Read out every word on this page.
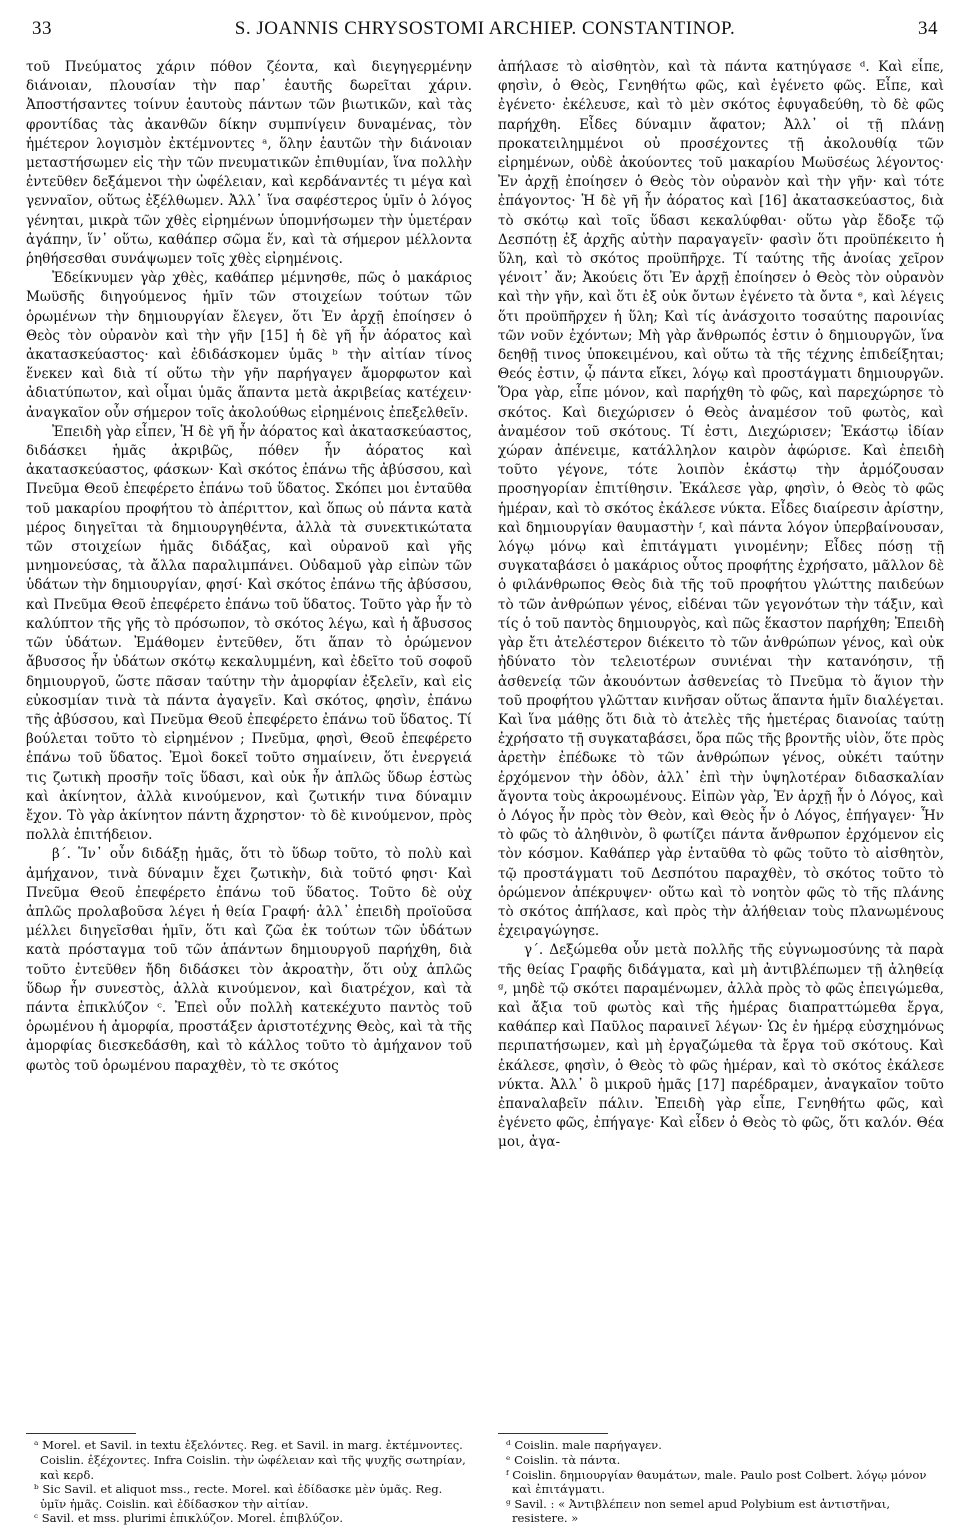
33	S. JOANNIS CHRYSOSTOMI ARCHIEP. CONSTANTINOP.	34

τοῦ Πνεύματος χάριν πόθον ζέοντα, καὶ διεγηγερμένην διάνοιαν, πλουσίαν τὴν παρ᾽ ἑαυτῆς δωρεῖται χάριν. Ἀποστήσαντες τοίνυν ἑαυτοὺς πάντων τῶν βιωτικῶν, καὶ τὰς φροντίδας τὰς ἀκανθῶν δίκην συμπνίγειν δυναμένας, τὸν ἡμέτερον λογισμὸν ἐκτέμνοντες ᵃ, ὅλην ἑαυτῶν τὴν διάνοιαν μεταστήσωμεν εἰς τὴν τῶν πνευματικῶν ἐπιθυμίαν, ἵνα πολλὴν ἐντεῦθεν δεξάμενοι τὴν ὠφέλειαν, καὶ κερδάναντές τι μέγα καὶ γενναῖον, οὕτως ἐξέλθωμεν. Ἀλλ᾽ ἵνα σαφέστερος ὑμῖν ὁ λόγος γένηται, μικρὰ τῶν χθὲς εἰρημένων ὑπομνήσωμεν τὴν ὑμετέραν ἀγάπην, ἵν᾽ οὕτω, καθάπερ σῶμα ἕν, καὶ τὰ σήμερον μέλλοντα ῥηθήσεσθαι συνάψωμεν τοῖς χθὲς εἰρημένοις.

Ἐδείκνυμεν γὰρ χθὲς, καθάπερ μέμνησθε, πῶς ὁ μακάριος Μωϋσῆς διηγούμενος ἡμῖν τῶν στοιχείων τούτων τῶν ὁρωμένων τὴν δημιουργίαν ἔλεγεν, ὅτι Ἐν ἀρχῇ ἐποίησεν ὁ Θεὸς τὸν οὐρανὸν καὶ τὴν γῆν [15] ἡ δὲ γῆ ἦν ἀόρατος καὶ ἀκατασκεύαστος· καὶ ἐδιδάσκομεν ὑμᾶς ᵇ τὴν αἰτίαν τίνος ἕνεκεν καὶ διὰ τί οὕτω τὴν γῆν παρήγαγεν ἄμορφωτον καὶ ἀδιατύπωτον, καὶ οἶμαι ὑμᾶς ἅπαντα μετὰ ἀκριβείας κατέχειν· ἀναγκαῖον οὖν σήμερον τοῖς ἀκολούθως εἰρημένοις ἐπεξελθεῖν.

Ἐπειδὴ γὰρ εἶπεν, Ἡ δὲ γῆ ἦν ἀόρατος καὶ ἀκατασκεύαστος, διδάσκει ἡμᾶς ἀκριβῶς, πόθεν ἦν ἀόρατος καὶ ἀκατασκεύαστος, φάσκων· Καὶ σκότος ἐπάνω τῆς ἀβύσσου, καὶ Πνεῦμα Θεοῦ ἐπεφέρετο ἐπάνω τοῦ ὕδατος. Σκόπει μοι ἐνταῦθα τοῦ μακαρίου προφήτου τὸ ἀπέριττον, καὶ ὅπως οὐ πάντα κατὰ μέρος διηγεῖται τὰ δημιουργηθέντα, ἀλλὰ τὰ συνεκτικώτατα τῶν στοιχείων ἡμᾶς διδάξας, καὶ οὐρανοῦ καὶ γῆς μνημονεύσας, τὰ ἄλλα παραλιμπάνει. Οὐδαμοῦ γὰρ εἰπὼν τῶν ὑδάτων τὴν δημιουργίαν, φησί· Καὶ σκότος ἐπάνω τῆς ἀβύσσου, καὶ Πνεῦμα Θεοῦ ἐπεφέρετο ἐπάνω τοῦ ὕδατος. Τοῦτο γὰρ ἦν τὸ καλύπτον τῆς γῆς τὸ πρόσωπον, τὸ σκότος λέγω, καὶ ἡ ἄβυσσος τῶν ὑδάτων. Ἐμάθομεν ἐντεῦθεν, ὅτι ἅπαν τὸ ὁρώμενον ἄβυσσος ἦν ὑδάτων σκότῳ κεκαλυμμένη, καὶ ἐδεῖτο τοῦ σοφοῦ δημιουργοῦ, ὥστε πᾶσαν ταύτην τὴν ἀμορφίαν ἐξελεῖν, καὶ εἰς εὐκοσμίαν τινὰ τὰ πάντα ἀγαγεῖν. Καὶ σκότος, φησὶν, ἐπάνω τῆς ἀβύσσου, καὶ Πνεῦμα Θεοῦ ἐπεφέρετο ἐπάνω τοῦ ὕδατος. Τί βούλεται τοῦτο τὸ εἰρημένον ; Πνεῦμα, φησὶ, Θεοῦ ἐπεφέρετο ἐπάνω τοῦ ὕδατος. Ἐμοὶ δοκεῖ τοῦτο σημαίνειν, ὅτι ἐνεργειά τις ζωτικὴ προσῆν τοῖς ὕδασι, καὶ οὐκ ἦν ἁπλῶς ὕδωρ ἑστὼς καὶ ἀκίνητον, ἀλλὰ κινούμενον, καὶ ζωτικήν τινα δύναμιν ἔχον. Τὸ γὰρ ἀκίνητον πάντη ἄχρηστον· τὸ δὲ κινούμενον, πρὸς πολλὰ ἐπιτήδειον.

β΄. Ἵν᾽ οὖν διδάξῃ ἡμᾶς, ὅτι τὸ ὕδωρ τοῦτο, τὸ πολὺ καὶ ἀμήχανον, τινὰ δύναμιν ἔχει ζωτικὴν, διὰ τοῦτό φησι· Καὶ Πνεῦμα Θεοῦ ἐπεφέρετο ἐπάνω τοῦ ὕδατος. Τοῦτο δὲ οὐχ ἁπλῶς προλαβοῦσα λέγει ἡ θεία Γραφή· ἀλλ᾽ ἐπειδὴ προϊοῦσα μέλλει διηγεῖσθαι ἡμῖν, ὅτι καὶ ζῶα ἐκ τούτων τῶν ὑδάτων κατὰ πρόσταγμα τοῦ τῶν ἁπάντων δημιουργοῦ παρήχθη, διὰ τοῦτο ἐντεῦθεν ἤδη διδάσκει τὸν ἀκροατὴν, ὅτι οὐχ ἁπλῶς ὕδωρ ἦν συνεστὸς, ἀλλὰ κινούμενον, καὶ διατρέχον, καὶ τὰ πάντα ἐπικλύζον ᶜ. Ἐπεὶ οὖν πολλὴ κατεκέχυτο παντὸς τοῦ ὁρωμένου ἡ ἀμορφία, προστάξεν ἀριστοτέχνης Θεὸς, καὶ τὰ τῆς ἀμορφίας διεσκεδάσθη, καὶ τὸ κάλλος τοῦτο τὸ ἀμήχανον τοῦ φωτὸς τοῦ ὁρωμένου παραχθὲν, τὸ τε σκότος

ᵃ Morel. et Savil. in textu ἐξελόντες. Reg. et Savil. in marg. ἐκτέμνοντες. Coislin. ἐξέχοντες. Infra Coislin. τὴν ὠφέλειαν καὶ τῆς ψυχῆς σωτηρίαν, καὶ κερδ.

ᵇ Sic Savil. et aliquot mss., recte. Morel. καὶ ἐδίδασκε μὲν ὑμᾶς. Reg. ὑμῖν ἡμᾶς. Coislin. καὶ ἐδίδασκον τὴν αἰτίαν.

ᶜ Savil. et mss. plurimi ἐπικλύζον. Morel. ἐπιβλύζον.

ἀπήλασε τὸ αἰσθητὸν, καὶ τὰ πάντα κατηύγασε ᵈ. Καὶ εἶπε, φησὶν, ὁ Θεὸς, Γενηθήτω φῶς, καὶ ἐγένετο φῶς. Εἶπε, καὶ ἐγένετο· ἐκέλευσε, καὶ τὸ μὲν σκότος ἐφυγαδεύθη, τὸ δὲ φῶς παρήχθη. Εἶδες δύναμιν ἄφατον; Ἀλλ᾽ οἱ τῇ πλάνῃ προκατειλημμένοι οὐ προσέχοντες τῇ ἀκολουθίᾳ τῶν εἰρημένων, οὐδὲ ἀκούοντες τοῦ μακαρίου Μωϋσέως λέγοντος· Ἐν ἀρχῇ ἐποίησεν ὁ Θεὸς τὸν οὐρανὸν καὶ τὴν γῆν· καὶ τότε ἐπάγοντος· Ἡ δὲ γῆ ἦν ἀόρατος καὶ [16] ἀκατασκεύαστος, διὰ τὸ σκότῳ καὶ τοῖς ὕδασι κεκαλύφθαι· οὕτω γὰρ ἔδοξε τῷ Δεσπότῃ ἐξ ἀρχῆς αὐτὴν παραγαγεῖν· φασὶν ὅτι προϋπέκειτο ἡ ὕλη, καὶ τὸ σκότος προϋπῆρχε. Τί ταύτης τῆς ἀνοίας χεῖρον γένοιτ᾽ ἄν; Ἀκούεις ὅτι Ἐν ἀρχῇ ἐποίησεν ὁ Θεὸς τὸν οὐρανὸν καὶ τὴν γῆν, καὶ ὅτι ἐξ οὐκ ὄντων ἐγένετο τὰ ὄντα ᵉ, καὶ λέγεις ὅτι προϋπῆρχεν ἡ ὕλη; Καὶ τίς ἀνάσχοιτο τοσαύτης παροινίας τῶν νοῦν ἐχόντων; Μὴ γὰρ ἄνθρωπός ἐστιν ὁ δημιουργῶν, ἵνα δεηθῇ τινος ὑποκειμένου, καὶ οὕτω τὰ τῆς τέχνης ἐπιδείξηται; Θεός ἐστιν, ᾧ πάντα εἴκει, λόγῳ καὶ προστάγματι δημιουργῶν. Ὅρα γὰρ, εἶπε μόνον, καὶ παρήχθη τὸ φῶς, καὶ παρεχώρησε τὸ σκότος. Καὶ διεχώρισεν ὁ Θεὸς ἀναμέσον τοῦ φωτὸς, καὶ ἀναμέσον τοῦ σκότους. Τί ἐστι, Διεχώρισεν; Ἑκάστῳ ἰδίαν χώραν ἀπένειμε, κατάλληλον καιρὸν ἀφώρισε. Καὶ ἐπειδὴ τοῦτο γέγονε, τότε λοιπὸν ἑκάστῳ τὴν ἁρμόζουσαν προσηγορίαν ἐπιτίθησιν. Ἐκάλεσε γὰρ, φησὶν, ὁ Θεὸς τὸ φῶς ἡμέραν, καὶ τὸ σκότος ἐκάλεσε νύκτα. Εἶδες διαίρεσιν ἀρίστην, καὶ δημιουργίαν θαυμαστὴν ᶠ, καὶ πάντα λόγον ὑπερβαίνουσαν, λόγῳ μόνῳ καὶ ἐπιτάγματι γινομένην; Εἶδες πόσῃ τῇ συγκαταβάσει ὁ μακάριος οὗτος προφήτης ἐχρήσατο, μᾶλλον δὲ ὁ φιλάνθρωπος Θεὸς διὰ τῆς τοῦ προφήτου γλώττης παιδεύων τὸ τῶν ἀνθρώπων γένος, εἰδέναι τῶν γεγονότων τὴν τάξιν, καὶ τίς ὁ τοῦ παντὸς δημιουργὸς, καὶ πῶς ἕκαστον παρήχθη; Ἐπειδὴ γὰρ ἔτι ἀτελέστερον διέκειτο τὸ τῶν ἀνθρώπων γένος, καὶ οὐκ ἠδύνατο τὸν τελειοτέρων συνιέναι τὴν κατανόησιν, τῇ ἀσθενείᾳ τῶν ἀκουόντων ἀσθενείας τὸ Πνεῦμα τὸ ἅγιον τὴν τοῦ προφήτου γλῶτταν κινῆσαν οὕτως ἅπαντα ἡμῖν διαλέγεται. Καὶ ἵνα μάθῃς ὅτι διὰ τὸ ἀτελὲς τῆς ἡμετέρας διανοίας ταύτῃ ἐχρήσατο τῇ συγκαταβάσει, ὅρα πῶς τῆς βροντῆς υἱὸν, ὅτε πρὸς ἀρετὴν ἐπέδωκε τὸ τῶν ἀνθρώπων γένος, οὐκέτι ταύτην ἐρχόμενον τὴν ὁδὸν, ἀλλ᾽ ἐπὶ τὴν ὑψηλοτέραν διδασκαλίαν ἄγοντα τοὺς ἀκροωμένους. Εἰπὼν γὰρ, Ἐν ἀρχῇ ἦν ὁ Λόγος, καὶ ὁ Λόγος ἦν πρὸς τὸν Θεὸν, καὶ Θεὸς ἦν ὁ Λόγος, ἐπήγαγεν· Ἦν τὸ φῶς τὸ ἀληθινὸν, ὃ φωτίζει πάντα ἄνθρωπον ἐρχόμενον εἰς τὸν κόσμον. Καθάπερ γὰρ ἐνταῦθα τὸ φῶς τοῦτο τὸ αἰσθητὸν, τῷ προστάγματι τοῦ Δεσπότου παραχθὲν, τὸ σκότος τοῦτο τὸ ὁρώμενον ἀπέκρυψεν· οὕτω καὶ τὸ νοητὸν φῶς τὸ τῆς πλάνης τὸ σκότος ἀπήλασε, καὶ πρὸς τὴν ἀλήθειαν τοὺς πλανωμένους ἐχειραγώγησε.

γ΄. Δεξώμεθα οὖν μετὰ πολλῆς τῆς εὐγνωμοσύνης τὰ παρὰ τῆς θείας Γραφῆς διδάγματα, καὶ μὴ ἀντιβλέπωμεν τῇ ἀληθείᾳ ᵍ, μηδὲ τῷ σκότει παραμένωμεν, ἀλλὰ πρὸς τὸ φῶς ἐπειγώμεθα, καὶ ἄξια τοῦ φωτὸς καὶ τῆς ἡμέρας διαπραττώμεθα ἔργα, καθάπερ καὶ Παῦλος παραινεῖ λέγων· Ὡς ἐν ἡμέρᾳ εὐσχημόνως περιπατήσωμεν, καὶ μὴ ἐργαζώμεθα τὰ ἔργα τοῦ σκότους. Καὶ ἐκάλεσε, φησὶν, ὁ Θεὸς τὸ φῶς ἡμέραν, καὶ τὸ σκότος ἐκάλεσε νύκτα. Ἀλλ᾽ ὃ μικροῦ ἡμᾶς [17] παρέδραμεν, ἀναγκαῖον τοῦτο ἐπαναλαβεῖν πάλιν. Ἐπειδὴ γὰρ εἶπε, Γενηθήτω φῶς, καὶ ἐγένετο φῶς, ἐπήγαγε· Καὶ εἶδεν ὁ Θεὸς τὸ φῶς, ὅτι καλόν. Θέα μοι, ἀγα-

ᵈ Coislin. male παρήγαγεν.

ᵉ Coislin. τὰ πάντα.

ᶠ Coislin. δημιουργίαν θαυμάτων, male. Paulo post Colbert. λόγῳ μόνον καὶ ἐπιτάγματι.

ᵍ Savil. : « Ἀντιβλέπειν non semel apud Polybium est ἀντιστῆναι, resistere. »
